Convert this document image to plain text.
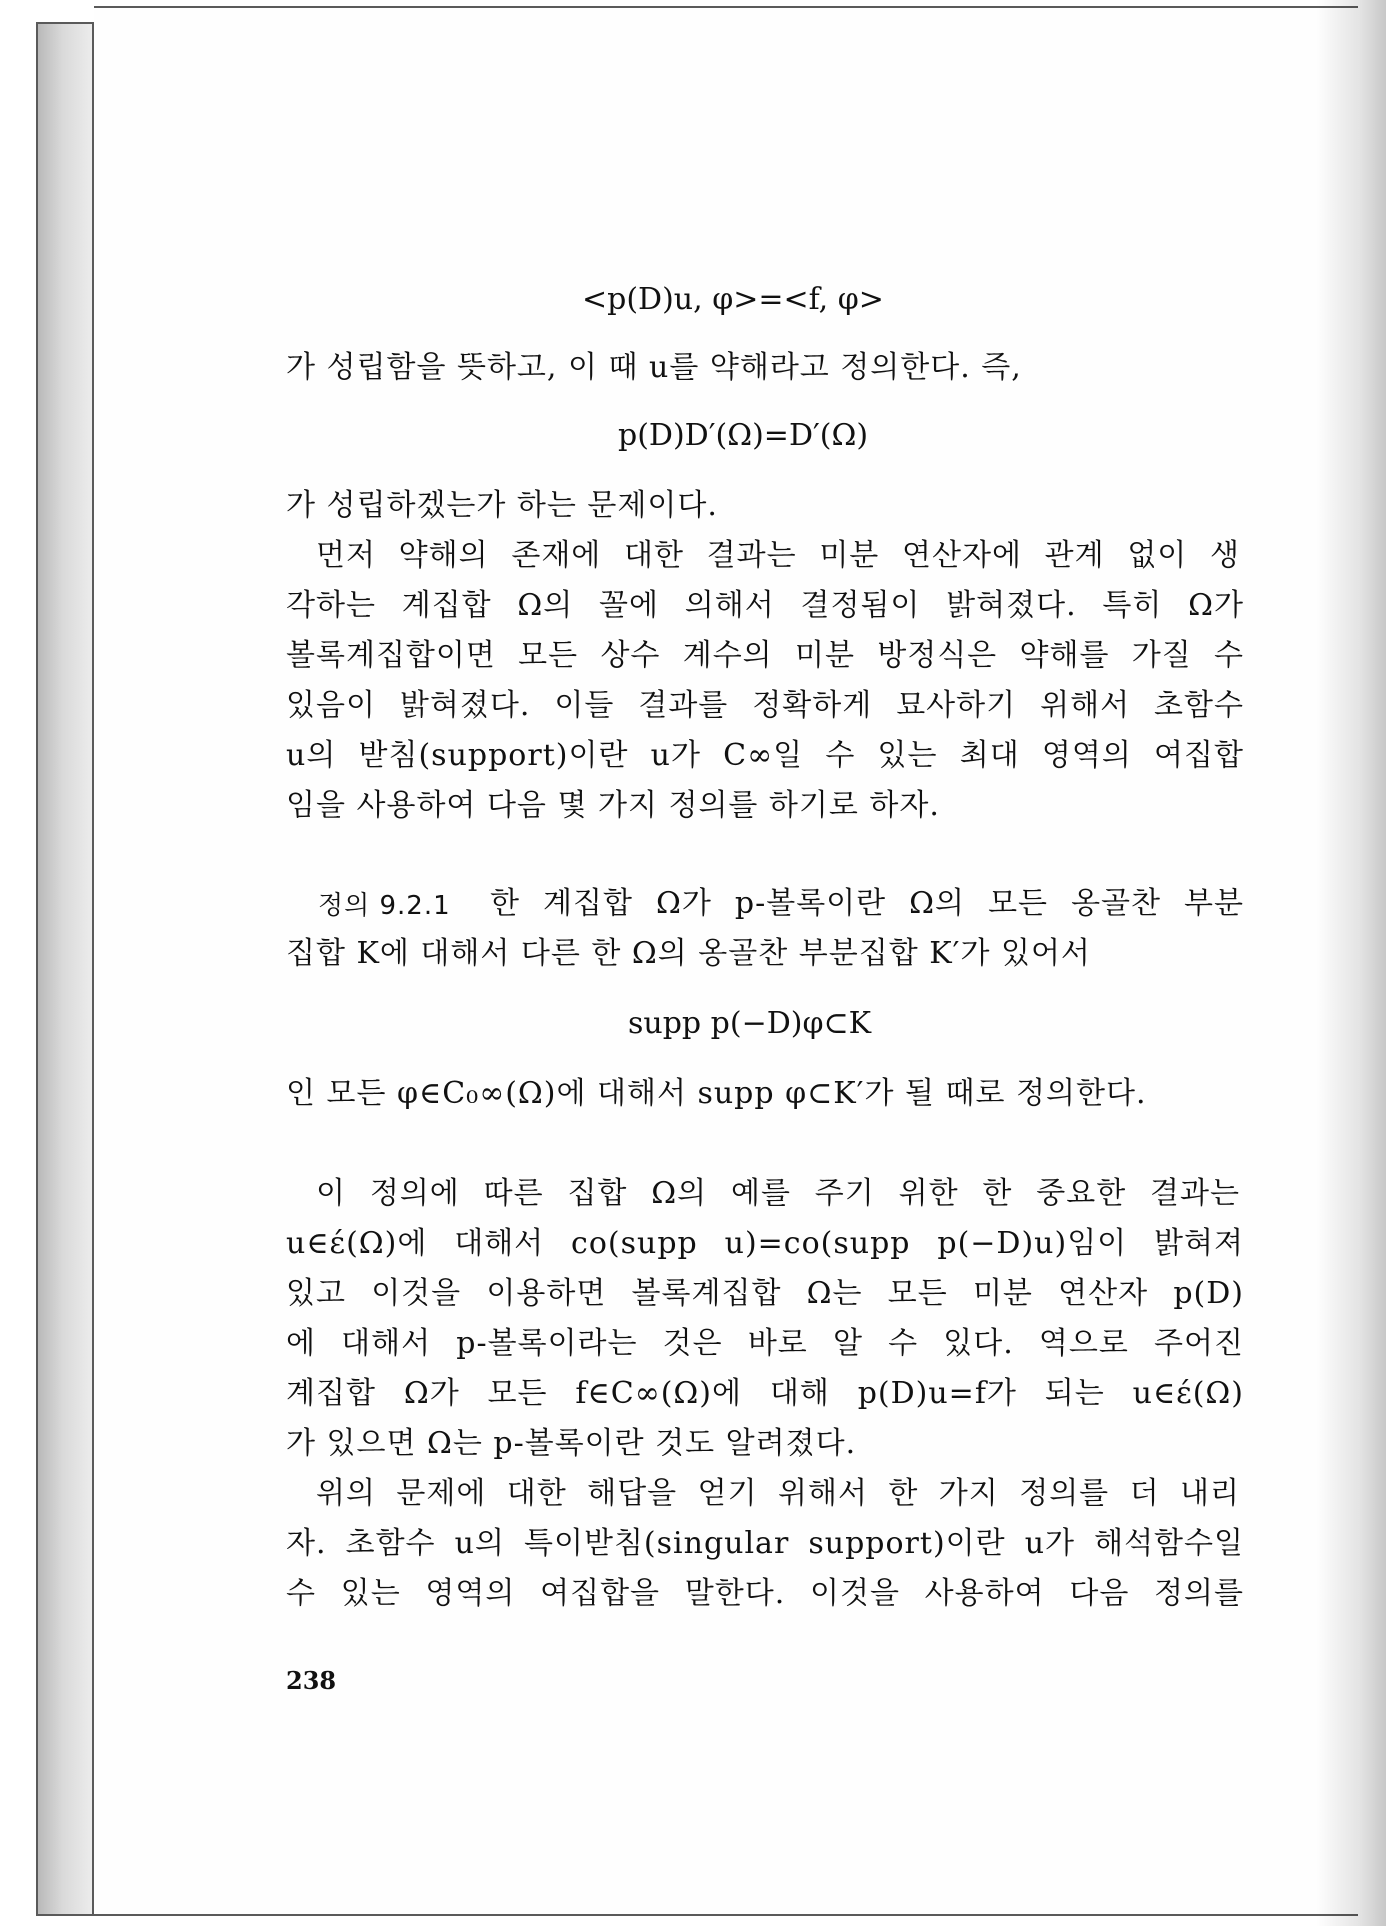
<p(D)u, φ>=<f, φ>
가 성립함을 뜻하고, 이 때 u를 약해라고 정의한다. 즉,
p(D)D′(Ω)=D′(Ω)
가 성립하겠는가 하는 문제이다.
먼저 약해의 존재에 대한 결과는 미분 연산자에 관계 없이 생
각하는 계집합 Ω의 꼴에 의해서 결정됨이 밝혀졌다. 특히 Ω가
볼록계집합이면 모든 상수 계수의 미분 방정식은 약해를 가질 수
있음이 밝혀졌다. 이들 결과를 정확하게 묘사하기 위해서 초함수
u의 받침(support)이란 u가 C∞일 수 있는 최대 영역의 여집합
임을 사용하여 다음 몇 가지 정의를 하기로 하자.
정의 9.2.1 한 계집합 Ω가 p-볼록이란 Ω의 모든 옹골찬 부분
집합 K에 대해서 다른 한 Ω의 옹골찬 부분집합 K′가 있어서
supp p(−D)φ⊂K
인 모든 φ∈C₀∞(Ω)에 대해서 supp φ⊂K′가 될 때로 정의한다.
이 정의에 따른 집합 Ω의 예를 주기 위한 한 중요한 결과는
u∈έ(Ω)에 대해서 co(supp u)=co(supp p(−D)u)임이 밝혀져
있고 이것을 이용하면 볼록계집합 Ω는 모든 미분 연산자 p(D)
에 대해서 p-볼록이라는 것은 바로 알 수 있다. 역으로 주어진
계집합 Ω가 모든 f∈C∞(Ω)에 대해 p(D)u=f가 되는 u∈έ(Ω)
가 있으면 Ω는 p-볼록이란 것도 알려졌다.
위의 문제에 대한 해답을 얻기 위해서 한 가지 정의를 더 내리
자. 초함수 u의 특이받침(singular support)이란 u가 해석함수일
수 있는 영역의 여집합을 말한다. 이것을 사용하여 다음 정의를
238
